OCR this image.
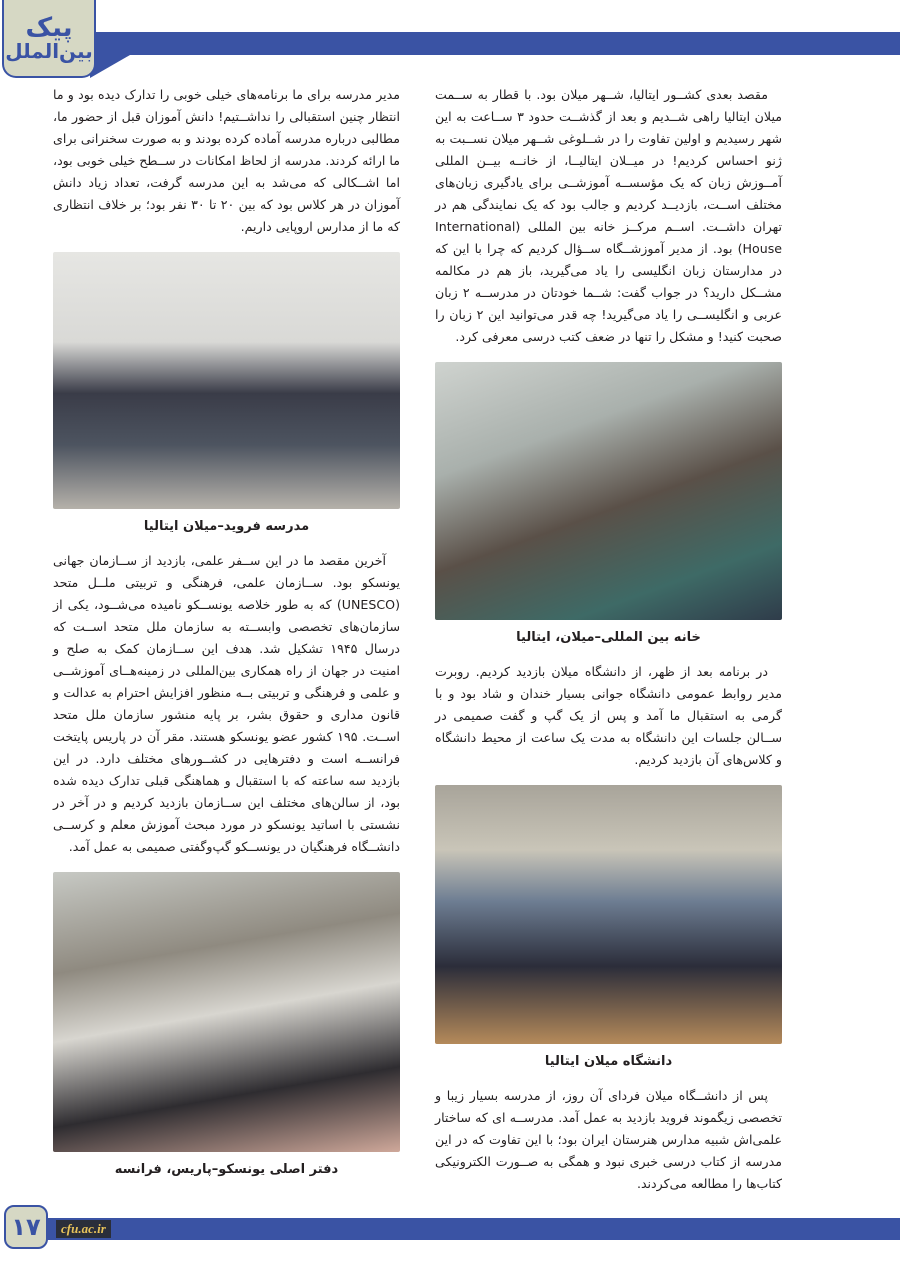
پیک
بین‌الملل

مقصد بعدی کشــور ایتالیا، شــهر میلان بود. با قطار به ســمت میلان ایتالیا راهی شــدیم و بعد از گذشــت حدود ۳ ســاعت به این شهر رسیدیم و اولین تفاوت را در شــلوغی شــهر میلان نســبت به ژنو احساس کردیم! در میــلان ایتالیــا، از خانــه بیــن المللی آمــوزش زبان که یک مؤسســه آموزشــی برای یادگیری زبان‌های مختلف اســت، بازدیــد کردیم و جالب بود که یک نمایندگی هم در تهران داشــت. اســم مرکــز خانه بین المللی (International House) بود. از مدیر آموزشــگاه ســؤال کردیم که چرا با این که در مدارستان زبان انگلیسی را یاد می‌گیرید، باز هم در مکالمه مشــکل دارید؟ در جواب گفت: شــما خودتان در مدرســه ۲ زبان عربی و انگلیســی را یاد می‌گیرید! چه قدر می‌توانید این ۲ زبان را صحبت کنید! و مشکل را تنها در ضعف کتب درسی معرفی کرد.

خانه بین المللی–میلان، ایتالیا

در برنامه بعد از ظهر، از دانشگاه میلان بازدید کردیم. روبرت مدیر روابط عمومی دانشگاه جوانی بسیار خندان و شاد بود و با گرمی به استقبال ما آمد و پس از یک گپ و گفت صمیمی در ســالن جلسات این دانشگاه به مدت یک ساعت از محیط دانشگاه و کلاس‌های آن بازدید کردیم.

دانشگاه میلان ایتالیا

پس از دانشــگاه میلان فردای آن روز، از مدرسه بسیار زیبا و تخصصی زیگموند فروید بازدید به عمل آمد. مدرســه ای که ساختار علمی‌اش شبیه مدارس هنرستان ایران بود؛ با این تفاوت که در این مدرسه از کتاب درسی خبری نبود و همگی به صــورت الکترونیکی کتاب‌ها را مطالعه می‌کردند.

مدیر مدرسه برای ما برنامه‌های خیلی خوبی را تدارک دیده بود و ما انتظار چنین استقبالی را نداشــتیم! دانش آموزان قبل از حضور ما، مطالبی درباره مدرسه آماده کرده بودند و به صورت سخنرانی برای ما ارائه کردند. مدرسه از لحاظ امکانات در ســطح خیلی خوبی بود، اما اشــکالی که می‌شد به این مدرسه گرفت، تعداد زیاد دانش آموزان در هر کلاس بود که بین ۲۰ تا ۳۰ نفر بود؛ بر خلاف انتظاری که ما از مدارس اروپایی داریم.

مدرسه فروید–میلان ایتالیا

آخرین مقصد ما در این ســفر علمی، بازدید از ســازمان جهانی یونسکو بود. ســازمان علمی، فرهنگی و تربیتی ملــل متحد (UNESCO) که به طور خلاصه یونســکو نامیده می‌شــود، یکی از سازمان‌های تخصصی وابســته به سازمان ملل متحد اســت که درسال ۱۹۴۵ تشکیل شد. هدف این ســازمان کمک به صلح و امنیت در جهان از راه همکاری بین‌المللی در زمینه‌هــای آموزشــی و علمی و فرهنگی و تربیتی بــه منظور افزایش احترام به عدالت و قانون مداری و حقوق بشر، بر پایه منشور سازمان ملل متحد اســت. ۱۹۵ کشور عضو یونسکو هستند. مقر آن در پاریس پایتخت فرانســه است و دفترهایی در کشــورهای مختلف دارد. در این بازدید سه ساعته که با استقبال و هماهنگی قبلی تدارک دیده شده بود، از سالن‌های مختلف این ســازمان بازدید کردیم و در آخر در نشستی با اساتید یونسکو در مورد مبحث آموزش معلم و کرســی دانشــگاه فرهنگیان در یونســکو گپ‌وگفتی صمیمی به عمل آمد.

دفتر اصلی یونسکو–پاریس، فرانسه
۱۷	cfu.ac.ir
